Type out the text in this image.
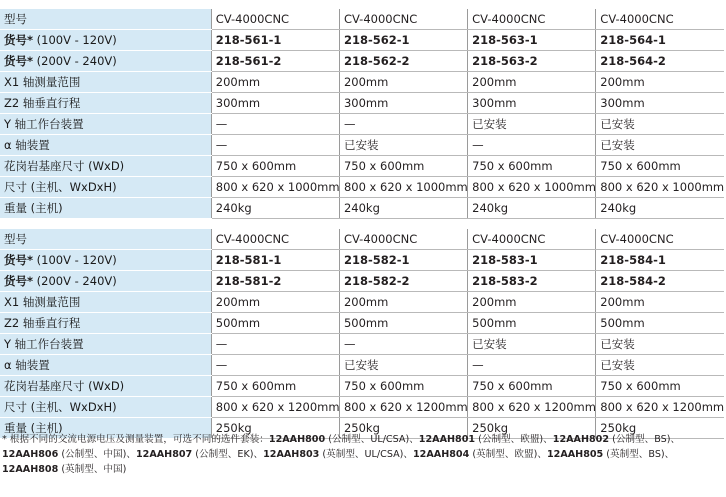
型号	CV-4000CNC	CV-4000CNC	CV-4000CNC	CV-4000CNC
货号* (100V - 120V)	218-561-1	218-562-1	218-563-1	218-564-1
货号* (200V - 240V)	218-561-2	218-562-2	218-563-2	218-564-2
X1 轴测量范围	200mm	200mm	200mm	200mm
Z2 轴垂直行程	300mm	300mm	300mm	300mm
Y 轴工作台装置	—	—	已安装	已安装
α 轴装置	—	已安装	—	已安装
花岗岩基座尺寸 (WxD)	750 x 600mm	750 x 600mm	750 x 600mm	750 x 600mm
尺寸 (主机、WxDxH)	800 x 620 x 1000mm	800 x 620 x 1000mm	800 x 620 x 1000mm	800 x 620 x 1000mm
重量 (主机)	240kg	240kg	240kg	240kg
型号	CV-4000CNC	CV-4000CNC	CV-4000CNC	CV-4000CNC
货号* (100V - 120V)	218-581-1	218-582-1	218-583-1	218-584-1
货号* (200V - 240V)	218-581-2	218-582-2	218-583-2	218-584-2
X1 轴测量范围	200mm	200mm	200mm	200mm
Z2 轴垂直行程	500mm	500mm	500mm	500mm
Y 轴工作台装置	—	—	已安装	已安装
α 轴装置	—	已安装	—	已安装
花岗岩基座尺寸 (WxD)	750 x 600mm	750 x 600mm	750 x 600mm	750 x 600mm
尺寸 (主机、WxDxH)	800 x 620 x 1200mm	800 x 620 x 1200mm	800 x 620 x 1200mm	800 x 620 x 1200mm
重量 (主机)	250kg	250kg	250kg	250kg
* 根据不同的交流电源电压及测量装置，可选不同的选件套装：12AAH800 (公制型、UL/CSA)、12AAH801 (公制型、欧盟)、12AAH802 (公制型、BS)、12AAH806 (公制型、中国)、12AAH807 (公制型、EK)、12AAH803 (英制型、UL/CSA)、12AAH804 (英制型、欧盟)、12AAH805 (英制型、BS)、12AAH808 (英制型、中国)
